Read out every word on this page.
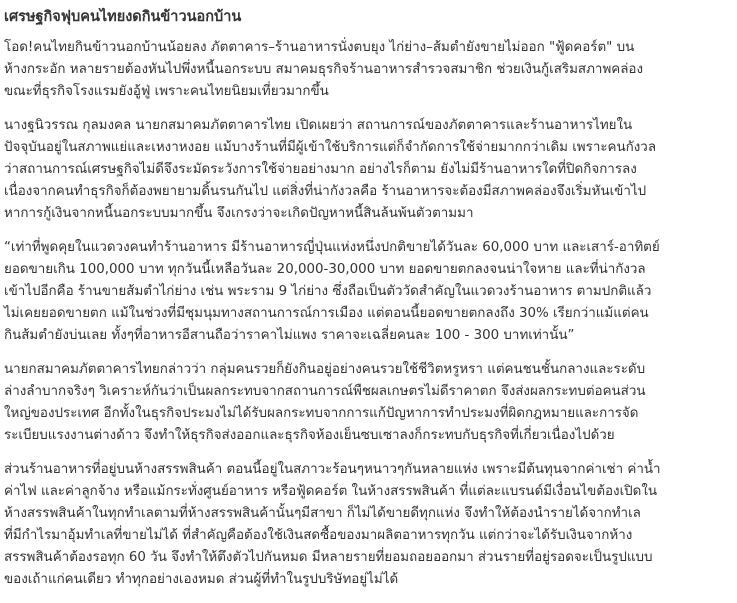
เศรษฐกิจฟุบคนไทยงดกินข้าวนอกบ้าน
โอด!คนไทยกินข้าวนอกบ้านน้อยลง ภัตตาคาร–ร้านอาหารนั่งตบยุง ไก่ย่าง–ส้มตำยังขายไม่ออก "ฟู้ดคอร์ต" บน
ห้างกระอัก หลายรายต้องหันไปพึ่งหนี้นอกระบบ สมาคมธุรกิจร้านอาหารสำรวจสมาชิก ช่วยเงินกู้เสริมสภาพคล่อง
ขณะที่ธุรกิจโรงแรมยังอู้ฟู่ เพราะคนไทยนิยมเที่ยวมากขึ้น
นางฐนิวรรณ กุลมงคล นายกสมาคมภัตตาคารไทย เปิดเผยว่า สถานการณ์ของภัตตาคารและร้านอาหารไทยใน
ปัจจุบันอยู่ในสภาพแย่และเหงาหงอย แม้บางร้านที่มีผู้เข้าใช้บริการแต่ก็จำกัดการใช้จ่ายมากกว่าเดิม เพราะคนกังวล
ว่าสถานการณ์เศรษฐกิจไม่ดีจึงระมัดระวังการใช้จ่ายอย่างมาก อย่างไรก็ตาม ยังไม่มีร้านอาหารใดที่ปิดกิจการลง
เนื่องจากคนทำธุรกิจก็ต้องพยายามดิ้นรนกันไป แต่สิ่งที่น่ากังวลคือ ร้านอาหารจะต้องมีสภาพคล่องจึงเริ่มหันเข้าไป
หาการกู้เงินจากหนี้นอกระบบมากขึ้น จึงเกรงว่าจะเกิดปัญหาหนี้สินล้นพ้นตัวตามมา
“เท่าที่พูดคุยในแวดวงคนทำร้านอาหาร มีร้านอาหารญี่ปุ่นแห่งหนึ่งปกติขายได้วันละ 60,000 บาท และเสาร์-อาทิตย์
ยอดขายเกิน 100,000 บาท ทุกวันนี้เหลือวันละ 20,000-30,000 บาท ยอดขายตกลงจนน่าใจหาย และที่น่ากังวล
เข้าไปอีกคือ ร้านขายส้มตำไก่ย่าง เช่น พระราม 9 ไก่ย่าง ซึ่งถือเป็นตัววัดสำคัญในแวดวงร้านอาหาร ตามปกติแล้ว
ไม่เคยยอดขายตก แม้ในช่วงที่มีชุมนุมทางสถานการณ์การเมือง แต่ตอนนี้ยอดขายตกลงถึง 30% เรียกว่าแม้แต่คน
กินส้มตำยังบ่นเลย ทั้งๆที่อาหารอีสานถือว่าราคาไม่แพง ราคาจะเฉลี่ยคนละ 100 - 300 บาทเท่านั้น”
นายกสมาคมภัตตาคารไทยกล่าวว่า กลุ่มคนรวยก็ยังกินอยู่อย่างคนรวยใช้ชีวิตหรูหรา แต่คนชนชั้นกลางและระดับ
ล่างลำบากจริงๆ วิเคราะห์กันว่าเป็นผลกระทบจากสถานการณ์พืชผลเกษตรไม่ดีราคาตก จึงส่งผลกระทบต่อคนส่วน
ใหญ่ของประเทศ อีกทั้งในธุรกิจประมงไม่ได้รับผลกระทบจากการแก้ปัญหาการทำประมงที่ผิดกฎหมายและการจัด
ระเบียบแรงงานต่างด้าว จึงทำให้ธุรกิจส่งออกและธุรกิจห้องเย็นซบเซาลงก็กระทบกับธุรกิจที่เกี่ยวเนื่องไปด้วย
ส่วนร้านอาหารที่อยู่บนห้างสรรพสินค้า ตอนนี้อยู่ในสภาวะร้อนๆหนาวๆกันหลายแห่ง เพราะมีต้นทุนจากค่าเช่า ค่าน้ำ
ค่าไฟ และค่าลูกจ้าง หรือแม้กระทั่งศูนย์อาหาร หรือฟู้ดคอร์ต ในห้างสรรพสินค้า ที่แต่ละแบรนด์มีเงื่อนไขต้องเปิดใน
ห้างสรรพสินค้าในทุกทำเลตามที่ห้างสรรพสินค้านั้นๆมีสาขา ก็ไม่ได้ขายดีทุกแห่ง จึงทำให้ต้องนำรายได้จากทำเล
ที่มีกำไรมาอุ้มทำเลที่ขายไม่ได้ ที่สำคัญคือต้องใช้เงินสดซื้อของมาผลิตอาหารทุกวัน แต่กว่าจะได้รับเงินจากห้าง
สรรพสินค้าต้องรอทุก 60 วัน จึงทำให้ตึงตัวไปกันหมด มีหลายรายที่ยอมถอยออกมา ส่วนรายที่อยู่รอดจะเป็นรูปแบบ
ของเถ้าแก่คนเดียว ทำทุกอย่างเองหมด ส่วนผู้ที่ทำในรูปบริษัทอยู่ไม่ได้
